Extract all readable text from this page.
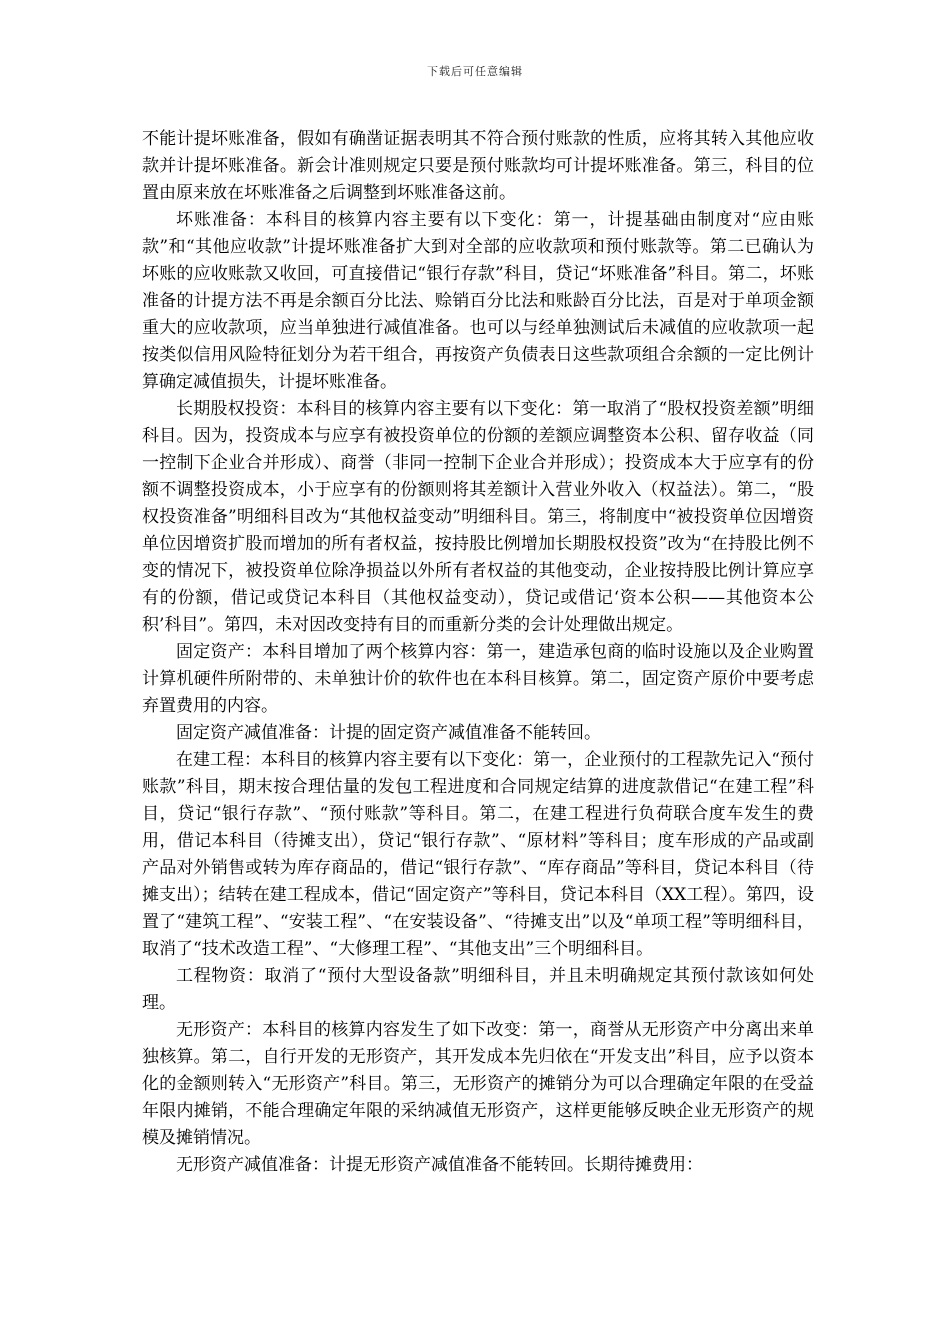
下载后可任意编辑

不能计提坏账准备，假如有确凿证据表明其不符合预付账款的性质，应将其转入其他应收款并计提坏账准备。新会计准则规定只要是预付账款均可计提坏账准备。第三，科目的位置由原来放在坏账准备之后调整到坏账准备这前。

坏账准备：本科目的核算内容主要有以下变化：第一，计提基础由制度对“应由账款”和“其他应收款”计提坏账准备扩大到对全部的应收款项和预付账款等。第二已确认为坏账的应收账款又收回，可直接借记“银行存款”科目，贷记“坏账准备”科目。第二，坏账准备的计提方法不再是余额百分比法、赊销百分比法和账龄百分比法，百是对于单项金额重大的应收款项，应当单独进行减值准备。也可以与经单独测试后未减值的应收款项一起按类似信用风险特征划分为若干组合，再按资产负债表日这些款项组合余额的一定比例计算确定减值损失，计提坏账准备。

长期股权投资：本科目的核算内容主要有以下变化：第一取消了“股权投资差额”明细科目。因为，投资成本与应享有被投资单位的份额的差额应调整资本公积、留存收益（同一控制下企业合并形成）、商誉（非同一控制下企业合并形成）；投资成本大于应享有的份额不调整投资成本，小于应享有的份额则将其差额计入营业外收入（权益法）。第二，“股权投资准备”明细科目改为“其他权益变动”明细科目。第三，将制度中“被投资单位因增资单位因增资扩股而增加的所有者权益，按持股比例增加长期股权投资”改为“在持股比例不变的情况下，被投资单位除净损益以外所有者权益的其他变动，企业按持股比例计算应享有的份额，借记或贷记本科目（其他权益变动），贷记或借记‘资本公积——其他资本公积’科目”。第四，未对因改变持有目的而重新分类的会计处理做出规定。

固定资产：本科目增加了两个核算内容：第一，建造承包商的临时设施以及企业购置计算机硬件所附带的、未单独计价的软件也在本科目核算。第二，固定资产原价中要考虑弃置费用的内容。

固定资产减值准备：计提的固定资产减值准备不能转回。

在建工程：本科目的核算内容主要有以下变化：第一，企业预付的工程款先记入“预付账款”科目，期末按合理估量的发包工程进度和合同规定结算的进度款借记“在建工程”科目，贷记“银行存款”、“预付账款”等科目。第二，在建工程进行负荷联合度车发生的费用，借记本科目（待摊支出），贷记“银行存款”、“原材料”等科目；度车形成的产品或副产品对外销售或转为库存商品的，借记“银行存款”、“库存商品”等科目，贷记本科目（待摊支出）；结转在建工程成本，借记“固定资产”等科目，贷记本科目（XX工程）。第四，设置了“建筑工程”、“安装工程”、“在安装设备”、“待摊支出”以及“单项工程”等明细科目，取消了“技术改造工程”、“大修理工程”、“其他支出”三个明细科目。

工程物资：取消了“预付大型设备款”明细科目，并且未明确规定其预付款该如何处理。

无形资产：本科目的核算内容发生了如下改变：第一，商誉从无形资产中分离出来单独核算。第二，自行开发的无形资产，其开发成本先归依在“开发支出”科目，应予以资本化的金额则转入“无形资产”科目。第三，无形资产的摊销分为可以合理确定年限的在受益年限内摊销，不能合理确定年限的采纳减值无形资产，这样更能够反映企业无形资产的规模及摊销情况。

无形资产减值准备：计提无形资产减值准备不能转回。长期待摊费用：
